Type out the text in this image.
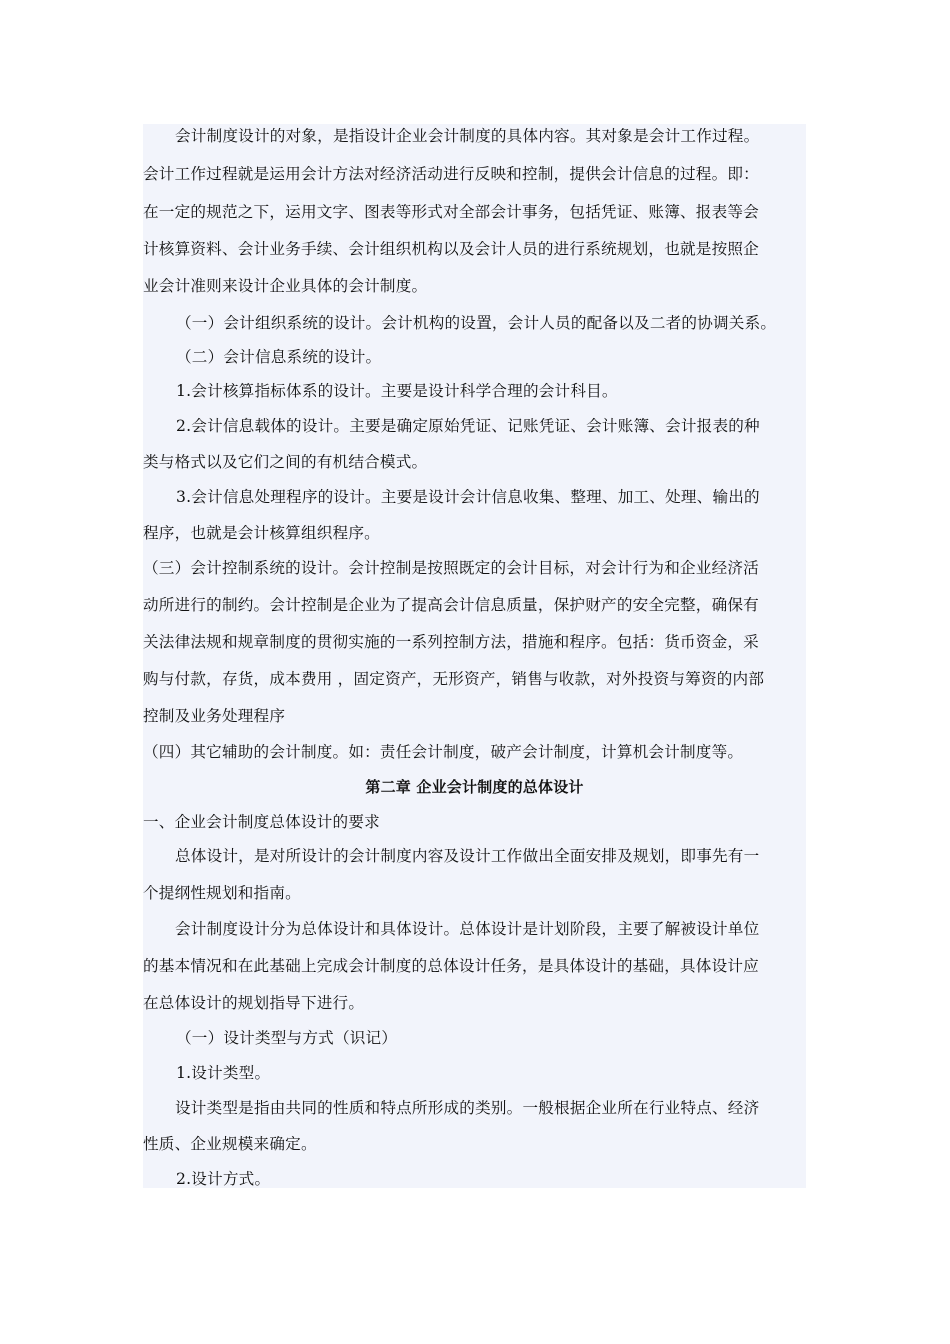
会计制度设计的对象，是指设计企业会计制度的具体内容。其对象是会计工作过程。
会计工作过程就是运用会计方法对经济活动进行反映和控制，提供会计信息的过程。即：
在一定的规范之下，运用文字、图表等形式对全部会计事务，包括凭证、账簿、报表等会
计核算资料、会计业务手续、会计组织机构以及会计人员的进行系统规划，也就是按照企
业会计准则来设计企业具体的会计制度。
（一）会计组织系统的设计。会计机构的设置，会计人员的配备以及二者的协调关系。
（二）会计信息系统的设计。
1.会计核算指标体系的设计。主要是设计科学合理的会计科目。
2.会计信息载体的设计。主要是确定原始凭证、记账凭证、会计账簿、会计报表的种
类与格式以及它们之间的有机结合模式。
3.会计信息处理程序的设计。主要是设计会计信息收集、整理、加工、处理、输出的
程序，也就是会计核算组织程序。
（三）会计控制系统的设计。会计控制是按照既定的会计目标，对会计行为和企业经济活
动所进行的制约。会计控制是企业为了提高会计信息质量，保护财产的安全完整，确保有
关法律法规和规章制度的贯彻实施的一系列控制方法，措施和程序。包括：货币资金，采
购与付款，存货，成本费用 ，固定资产，无形资产，销售与收款，对外投资与筹资的内部
控制及业务处理程序
（四）其它辅助的会计制度。如：责任会计制度，破产会计制度，计算机会计制度等。
第二章 企业会计制度的总体设计
一、企业会计制度总体设计的要求
总体设计，是对所设计的会计制度内容及设计工作做出全面安排及规划，即事先有一
个提纲性规划和指南。
会计制度设计分为总体设计和具体设计。总体设计是计划阶段，主要了解被设计单位
的基本情况和在此基础上完成会计制度的总体设计任务，是具体设计的基础，具体设计应
在总体设计的规划指导下进行。
（一）设计类型与方式（识记）
1.设计类型。
设计类型是指由共同的性质和特点所形成的类别。一般根据企业所在行业特点、经济
性质、企业规模来确定。
2.设计方式。
